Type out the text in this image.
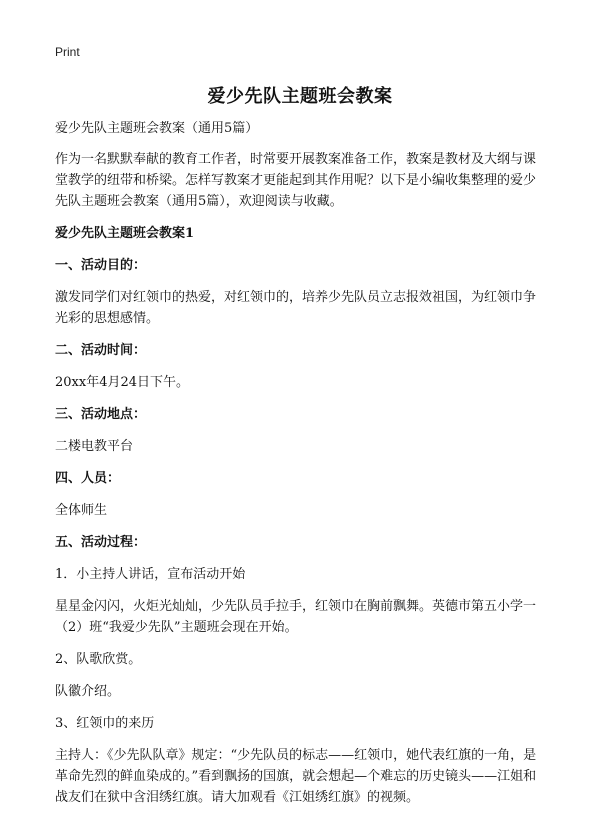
Print
爱少先队主题班会教案

爱少先队主题班会教案（通用5篇）

作为一名默默奉献的教育工作者，时常要开展教案准备工作，教案是教材及大纲与课堂教学的纽带和桥梁。怎样写教案才更能起到其作用呢？以下是小编收集整理的爱少先队主题班会教案（通用5篇），欢迎阅读与收藏。

爱少先队主题班会教案1

一、活动目的：

激发同学们对红领巾的热爱，对红领巾的，培养少先队员立志报效祖国，为红领巾争光彩的思想感情。

二、活动时间：

20xx年4月24日下午。

三、活动地点：

二楼电教平台

四、人员：

全体师生

五、活动过程：

1．小主持人讲话，宣布活动开始

星星金闪闪，火炬光灿灿，少先队员手拉手，红领巾在胸前飘舞。英德市第五小学一（2）班“我爱少先队”主题班会现在开始。

2、队歌欣赏。

队徽介绍。

3、红领巾的来历

主持人：《少先队队章》规定：“少先队员的标志——红领巾，她代表红旗的一角，是革命先烈的鲜血染成的。”看到飘扬的国旗，就会想起—个难忘的历史镜头——江姐和战友们在狱中含泪绣红旗。请大加观看《江姐绣红旗》的视频。
